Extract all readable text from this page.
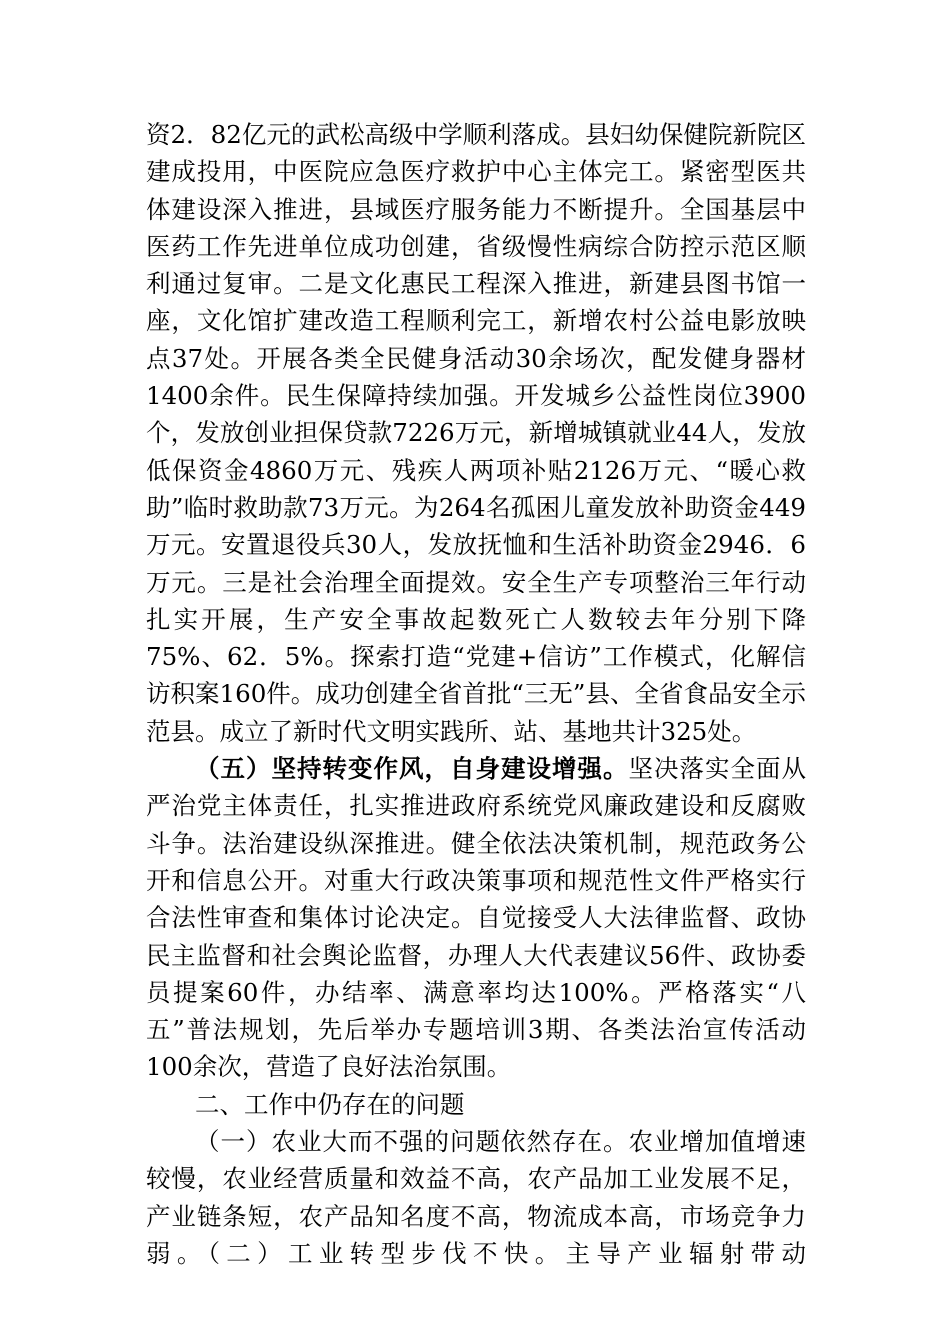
资2．82亿元的武松高级中学顺利落成。县妇幼保健院新院区建成投用，中医院应急医疗救护中心主体完工。紧密型医共体建设深入推进，县域医疗服务能力不断提升。全国基层中医药工作先进单位成功创建，省级慢性病综合防控示范区顺利通过复审。二是文化惠民工程深入推进，新建县图书馆一座，文化馆扩建改造工程顺利完工，新增农村公益电影放映点37处。开展各类全民健身活动30余场次，配发健身器材1400余件。民生保障持续加强。开发城乡公益性岗位3900个，发放创业担保贷款7226万元，新增城镇就业44人，发放低保资金4860万元、残疾人两项补贴2126万元、“暖心救助”临时救助款73万元。为264名孤困儿童发放补助资金449万元。安置退役兵30人，发放抚恤和生活补助资金2946．6万元。三是社会治理全面提效。安全生产专项整治三年行动扎实开展，生产安全事故起数死亡人数较去年分别下降75%、62．5%。探索打造“党建+信访”工作模式，化解信访积案160件。成功创建全省首批“三无”县、全省食品安全示范县。成立了新时代文明实践所、站、基地共计325处。
（五）坚持转变作风，自身建设增强。坚决落实全面从严治党主体责任，扎实推进政府系统党风廉政建设和反腐败斗争。法治建设纵深推进。健全依法决策机制，规范政务公开和信息公开。对重大行政决策事项和规范性文件严格实行合法性审查和集体讨论决定。自觉接受人大法律监督、政协民主监督和社会舆论监督，办理人大代表建议56件、政协委员提案60件，办结率、满意率均达100%。严格落实“八五”普法规划，先后举办专题培训3期、各类法治宣传活动100余次，营造了良好法治氛围。
二、工作中仍存在的问题
（一）农业大而不强的问题依然存在。农业增加值增速较慢，农业经营质量和效益不高，农产品加工业发展不足，产业链条短，农产品知名度不高，物流成本高，市场竞争力弱。（二）工业转型步伐不快。主导产业辐射带动
